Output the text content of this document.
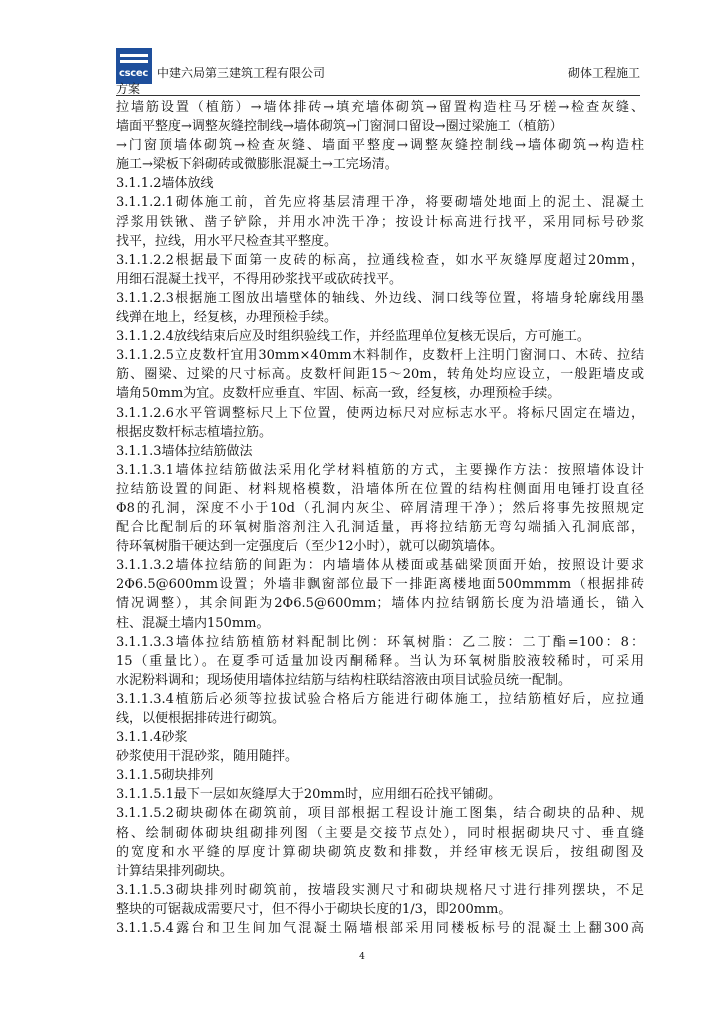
cscec 中建六局第三建筑工程有限公司	砌体工程施工
方案
拉墙筋设置（植筋）→墙体排砖→填充墙体砌筑→留置构造柱马牙槎→检查灰缝、
墙面平整度→调整灰缝控制线→墙体砌筑→门窗洞口留设→圈过梁施工（植筋）
→门窗顶墙体砌筑→检查灰缝、墙面平整度→调整灰缝控制线→墙体砌筑→构造柱
施工→梁板下斜砌砖或微膨胀混凝土→工完场清。
3.1.1.2墙体放线
3.1.1.2.1砌体施工前，首先应将基层清理干净，将要砌墙处地面上的泥土、混凝土
浮浆用铁锹、凿子铲除，并用水冲洗干净；按设计标高进行找平，采用同标号砂浆
找平，拉线，用水平尺检查其平整度。
3.1.1.2.2根据最下面第一皮砖的标高，拉通线检查，如水平灰缝厚度超过20mm，
用细石混凝土找平，不得用砂浆找平或砍砖找平。
3.1.1.2.3根据施工图放出墙壁体的轴线、外边线、洞口线等位置，将墙身轮廓线用墨
线弹在地上，经复核，办理预检手续。
3.1.1.2.4放线结束后应及时组织验线工作，并经监理单位复核无误后，方可施工。
3.1.1.2.5立皮数杆宜用30mm×40mm木料制作，皮数杆上注明门窗洞口、木砖、拉结
筋、圈梁、过梁的尺寸标高。皮数杆间距15～20m，转角处均应设立，一般距墙皮或
墙角50mm为宜。皮数杆应垂直、牢固、标高一致，经复核，办理预检手续。
3.1.1.2.6水平管调整标尺上下位置，使两边标尺对应标志水平。将标尺固定在墙边，
根据皮数杆标志植墙拉筋。
3.1.1.3墙体拉结筋做法
3.1.1.3.1墙体拉结筋做法采用化学材料植筋的方式，主要操作方法：按照墙体设计
拉结筋设置的间距、材料规格模数，沿墙体所在位置的结构柱侧面用电锤打设直径
Φ8的孔洞，深度不小于10d（孔洞内灰尘、碎屑清理干净）；然后将事先按照规定
配合比配制后的环氧树脂溶剂注入孔洞适量，再将拉结筋无弯勾端插入孔洞底部，
待环氧树脂干硬达到一定强度后（至少12小时），就可以砌筑墙体。
3.1.1.3.2墙体拉结筋的间距为：内墙墙体从楼面或基础梁顶面开始，按照设计要求
2Φ6.5@600mm设置；外墙非飘窗部位最下一排距离楼地面500mmmm（根据排砖
情况调整），其余间距为2Φ6.5@600mm；墙体内拉结钢筋长度为沿墙通长，锚入
柱、混凝土墙内150mm。
3.1.1.3.3墙体拉结筋植筋材料配制比例：环氧树脂：乙二胺：二丁酯=100：8：
15（重量比）。在夏季可适量加设丙酮稀释。当认为环氧树脂胶液较稀时，可采用
水泥粉料调和；现场使用墙体拉结筋与结构柱联结溶液由项目试验员统一配制。
3.1.1.3.4植筋后必须等拉拔试验合格后方能进行砌体施工，拉结筋植好后，应拉通
线，以便根据排砖进行砌筑。
3.1.1.4砂浆
砂浆使用干混砂浆，随用随拌。
3.1.1.5砌块排列
3.1.1.5.1最下一层如灰缝厚大于20mm时，应用细石砼找平铺砌。
3.1.1.5.2砌块砌体在砌筑前，项目部根据工程设计施工图集，结合砌块的品种、规
格、绘制砌体砌块组砌排列图（主要是交接节点处），同时根据砌块尺寸、垂直缝
的宽度和水平缝的厚度计算砌块砌筑皮数和排数，并经审核无误后，按组砌图及
计算结果排列砌块。
3.1.1.5.3砌块排列时砌筑前，按墙段实测尺寸和砌块规格尺寸进行排列摆块，不足
整块的可锯裁成需要尺寸，但不得小于砌块长度的1/3，即200mm。
3.1.1.5.4露台和卫生间加气混凝土隔墙根部采用同楼板标号的混凝土上翻300高
4
